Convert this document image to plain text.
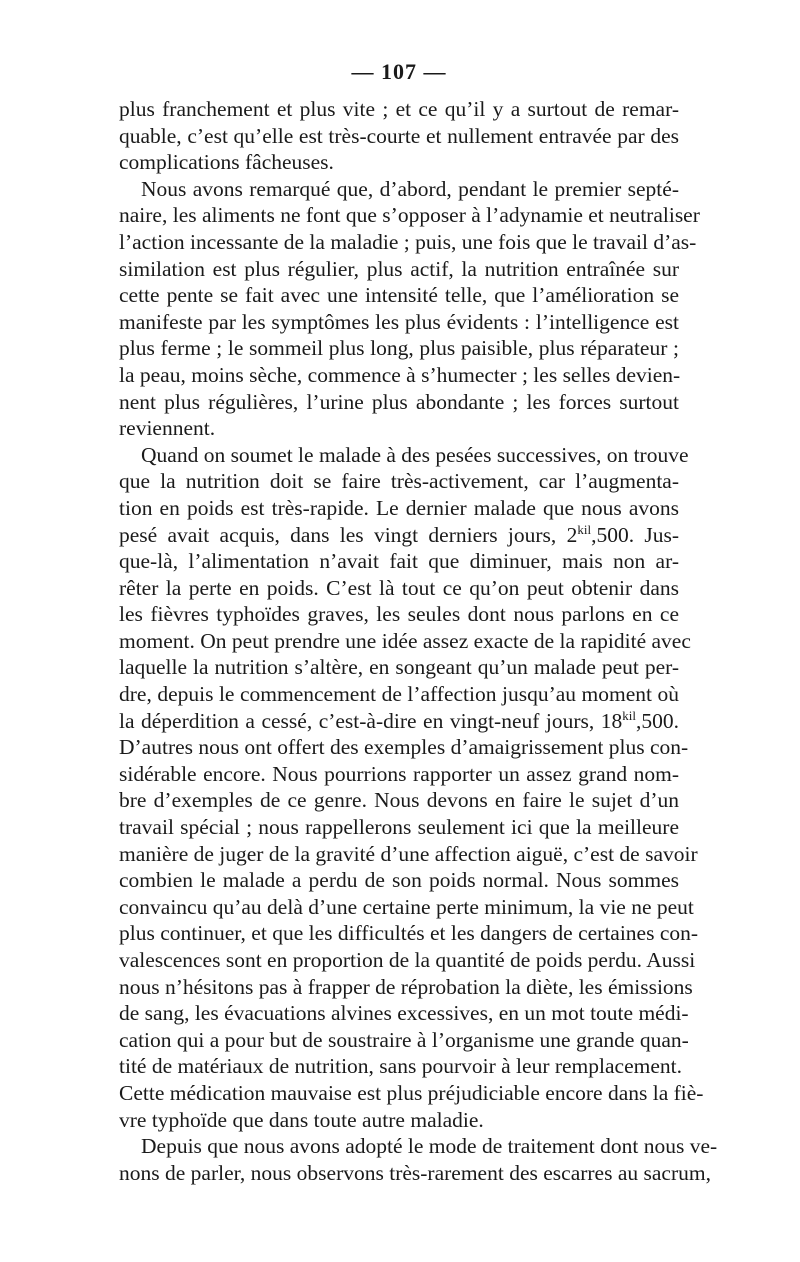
— 107 —
plus franchement et plus vite ; et ce qu’il y a surtout de remar-
quable, c’est qu’elle est très-courte et nullement entravée par des
complications fâcheuses.
Nous avons remarqué que, d’abord, pendant le premier septé-
naire, les aliments ne font que s’opposer à l’adynamie et neutraliser
l’action incessante de la maladie ; puis, une fois que le travail d’as-
similation est plus régulier, plus actif, la nutrition entraînée sur
cette pente se fait avec une intensité telle, que l’amélioration se
manifeste par les symptômes les plus évidents : l’intelligence est
plus ferme ; le sommeil plus long, plus paisible, plus réparateur ;
la peau, moins sèche, commence à s’humecter ; les selles devien-
nent plus régulières, l’urine plus abondante ; les forces surtout
reviennent.
Quand on soumet le malade à des pesées successives, on trouve
que la nutrition doit se faire très-activement, car l’augmenta-
tion en poids est très-rapide. Le dernier malade que nous avons
pesé avait acquis, dans les vingt derniers jours, $2^{kil},500$. Jus-
que-là, l’alimentation n’avait fait que diminuer, mais non ar-
rêter la perte en poids. C’est là tout ce qu’on peut obtenir dans
les fièvres typhoïdes graves, les seules dont nous parlons en ce
moment. On peut prendre une idée assez exacte de la rapidité avec
laquelle la nutrition s’altère, en songeant qu’un malade peut per-
dre, depuis le commencement de l’affection jusqu’au moment où
la déperdition a cessé, c’est-à-dire en vingt-neuf jours, $18^{kil},500$.
D’autres nous ont offert des exemples d’amaigrissement plus con-
sidérable encore. Nous pourrions rapporter un assez grand nom-
bre d’exemples de ce genre. Nous devons en faire le sujet d’un
travail spécial ; nous rappellerons seulement ici que la meilleure
manière de juger de la gravité d’une affection aiguë, c’est de savoir
combien le malade a perdu de son poids normal. Nous sommes
convaincu qu’au delà d’une certaine perte minimum, la vie ne peut
plus continuer, et que les difficultés et les dangers de certaines con-
valescences sont en proportion de la quantité de poids perdu. Aussi
nous n’hésitons pas à frapper de réprobation la diète, les émissions
de sang, les évacuations alvines excessives, en un mot toute médi-
cation qui a pour but de soustraire à l’organisme une grande quan-
tité de matériaux de nutrition, sans pourvoir à leur remplacement.
Cette médication mauvaise est plus préjudiciable encore dans la fiè-
vre typhoïde que dans toute autre maladie.
Depuis que nous avons adopté le mode de traitement dont nous ve-
nons de parler, nous observons très-rarement des escarres au sacrum,
